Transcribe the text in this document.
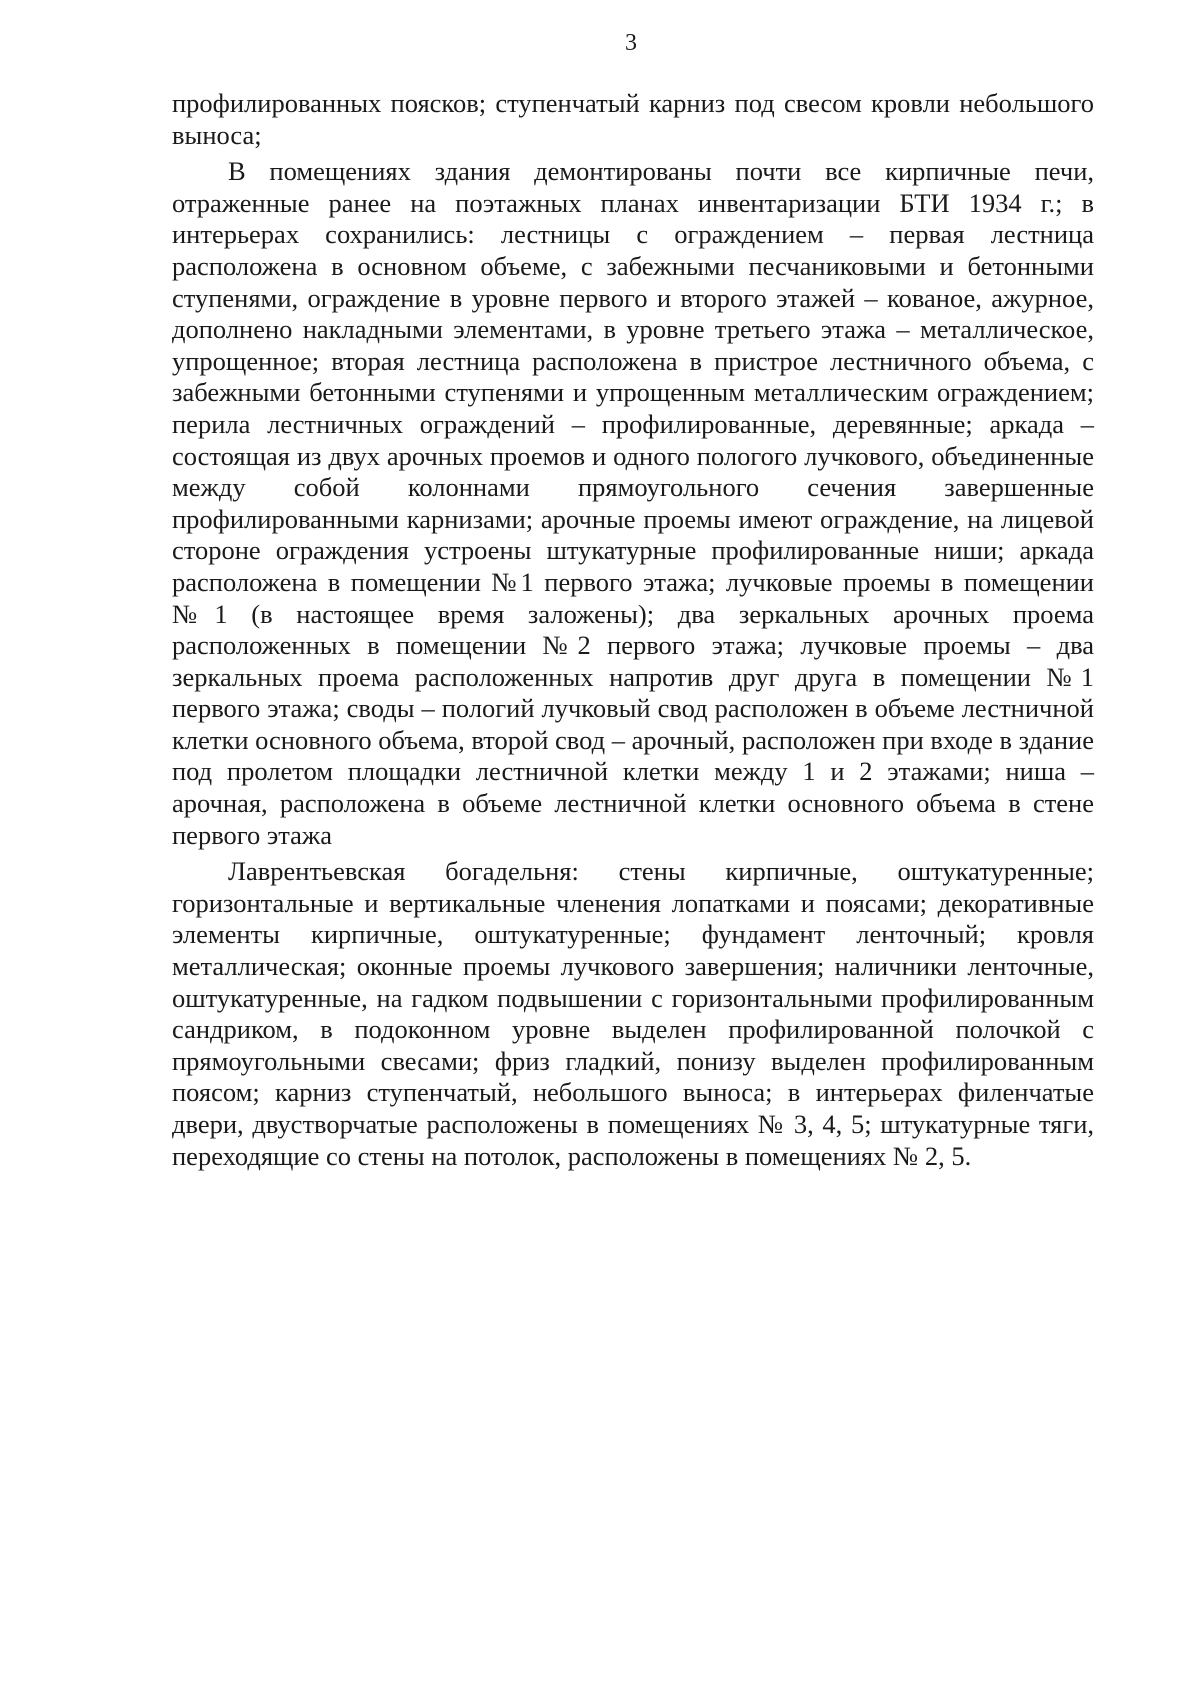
3

профилированных поясков; ступенчатый карниз под свесом кровли небольшого выноса;

В помещениях здания демонтированы почти все кирпичные печи, отраженные ранее на поэтажных планах инвентаризации БТИ 1934 г.; в интерьерах сохранились: лестницы с ограждением – первая лестница расположена в основном объеме, с забежными песчаниковыми и бетонными ступенями, ограждение в уровне первого и второго этажей – кованое, ажурное, дополнено накладными элементами, в уровне третьего этажа – металлическое, упрощенное; вторая лестница расположена в пристрое лестничного объема, с забежными бетонными ступенями и упрощенным металлическим ограждением; перила лестничных ограждений – профилированные, деревянные; аркада – состоящая из двух арочных проемов и одного пологого лучкового, объединенные между собой колоннами прямоугольного сечения завершенные профилированными карнизами; арочные проемы имеют ограждение, на лицевой стороне ограждения устроены штукатурные профилированные ниши; аркада расположена в помещении №1 первого этажа; лучковые проемы в помещении №1 (в настоящее время заложены); два зеркальных арочных проема расположенных в помещении №2 первого этажа; лучковые проемы – два зеркальных проема расположенных напротив друг друга в помещении №1 первого этажа; своды – пологий лучковый свод расположен в объеме лестничной клетки основного объема, второй свод – арочный, расположен при входе в здание под пролетом площадки лестничной клетки между 1 и 2 этажами; ниша – арочная, расположена в объеме лестничной клетки основного объема в стене первого этажа

Лаврентьевская богадельня: стены кирпичные, оштукатуренные; горизонтальные и вертикальные членения лопатками и поясами; декоративные элементы кирпичные, оштукатуренные; фундамент ленточный; кровля металлическая; оконные проемы лучкового завершения; наличники ленточные, оштукатуренные, на гадком подвышении с горизонтальными профилированным сандриком, в подоконном уровне выделен профилированной полочкой с прямоугольными свесами; фриз гладкий, понизу выделен профилированным поясом; карниз ступенчатый, небольшого выноса; в интерьерах филенчатые двери, двустворчатые расположены в помещениях № 3, 4, 5; штукатурные тяги, переходящие со стены на потолок, расположены в помещениях № 2, 5.
